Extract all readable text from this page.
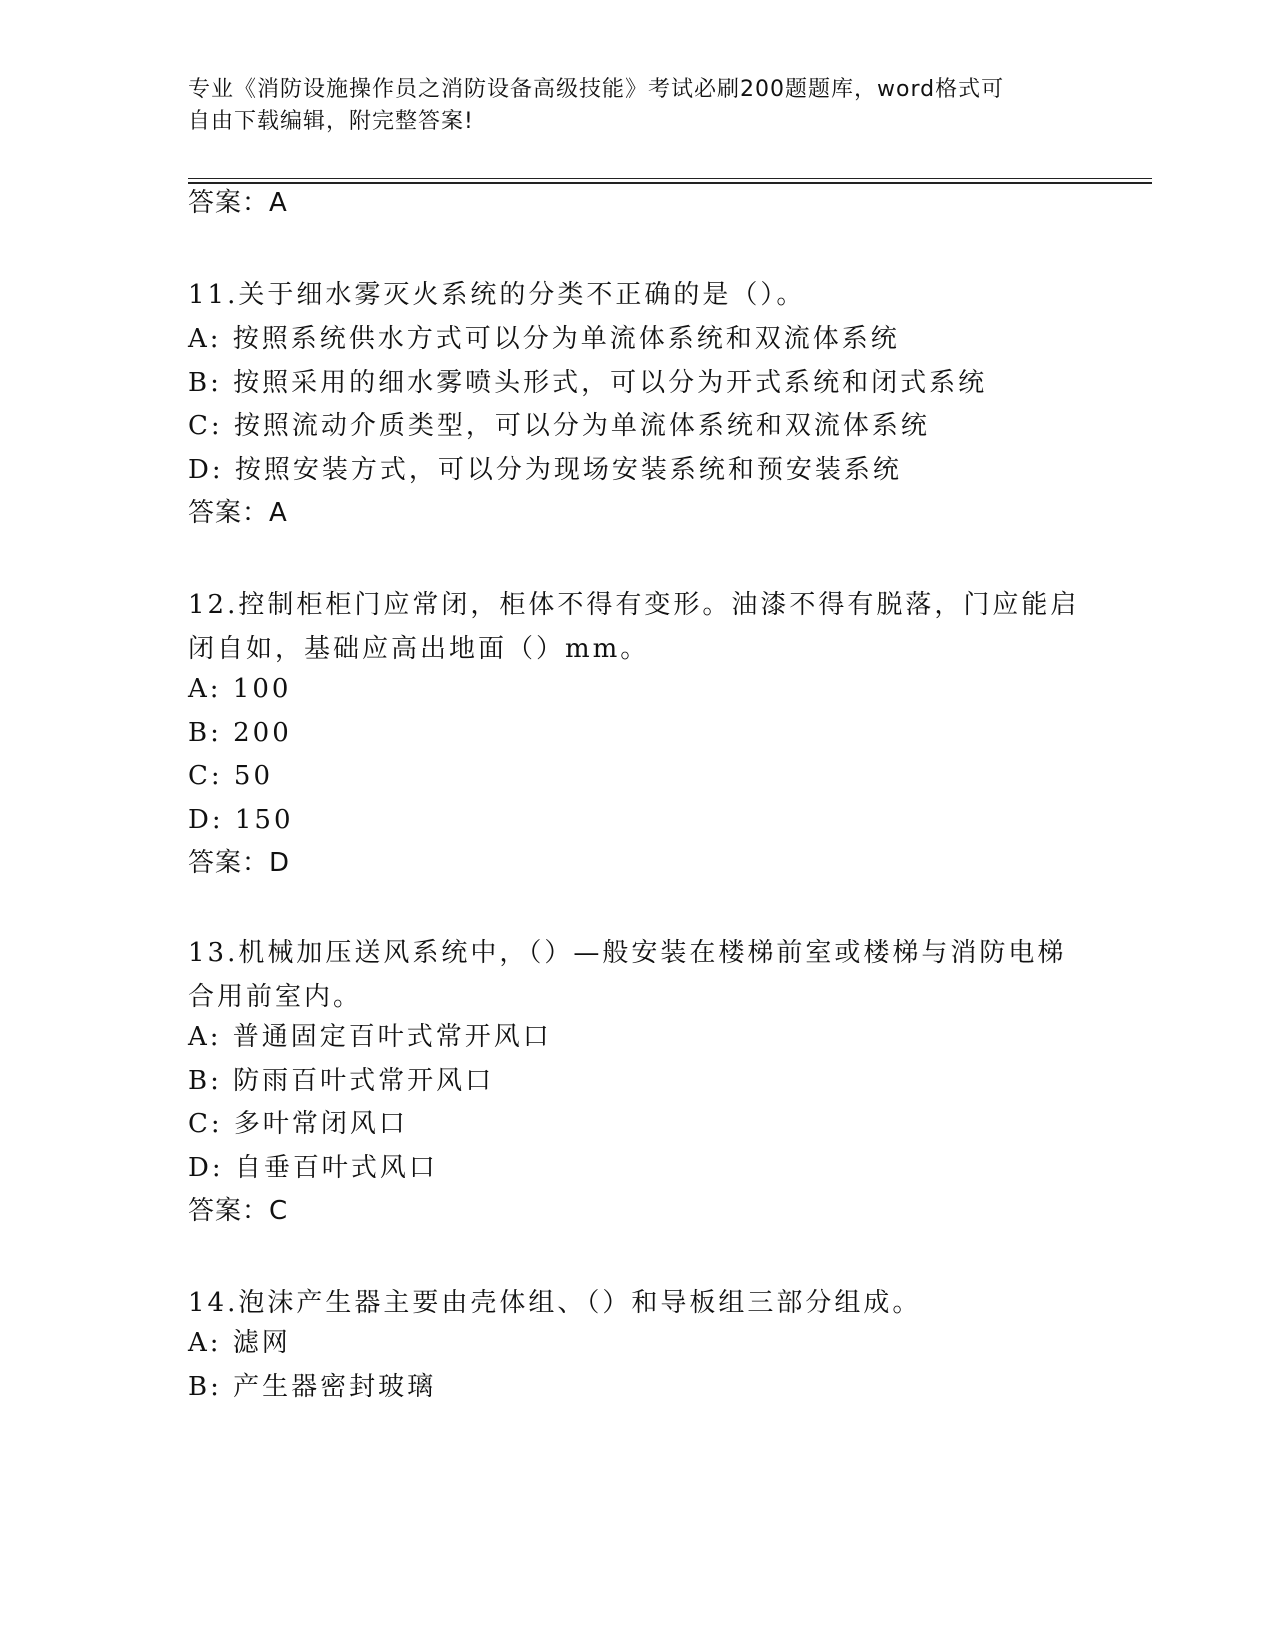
专业《消防设施操作员之消防设备高级技能》考试必刷200题题库，word格式可
自由下载编辑，附完整答案!
答案：A
11.关于细水雾灭火系统的分类不正确的是（）。
A: 按照系统供水方式可以分为单流体系统和双流体系统
B: 按照采用的细水雾喷头形式，可以分为开式系统和闭式系统
C: 按照流动介质类型，可以分为单流体系统和双流体系统
D: 按照安装方式，可以分为现场安装系统和预安装系统
答案：A
12.控制柜柜门应常闭，柜体不得有变形。油漆不得有脱落，门应能启
闭自如，基础应高出地面（）mm。
A: 100
B: 200
C: 50
D: 150
答案：D
13.机械加压送风系统中，（）—般安装在楼梯前室或楼梯与消防电梯
合用前室内。
A: 普通固定百叶式常开风口
B: 防雨百叶式常开风口
C: 多叶常闭风口
D: 自垂百叶式风口
答案：C
14.泡沫产生器主要由壳体组、（）和导板组三部分组成。
A: 滤网
B: 产生器密封玻璃
